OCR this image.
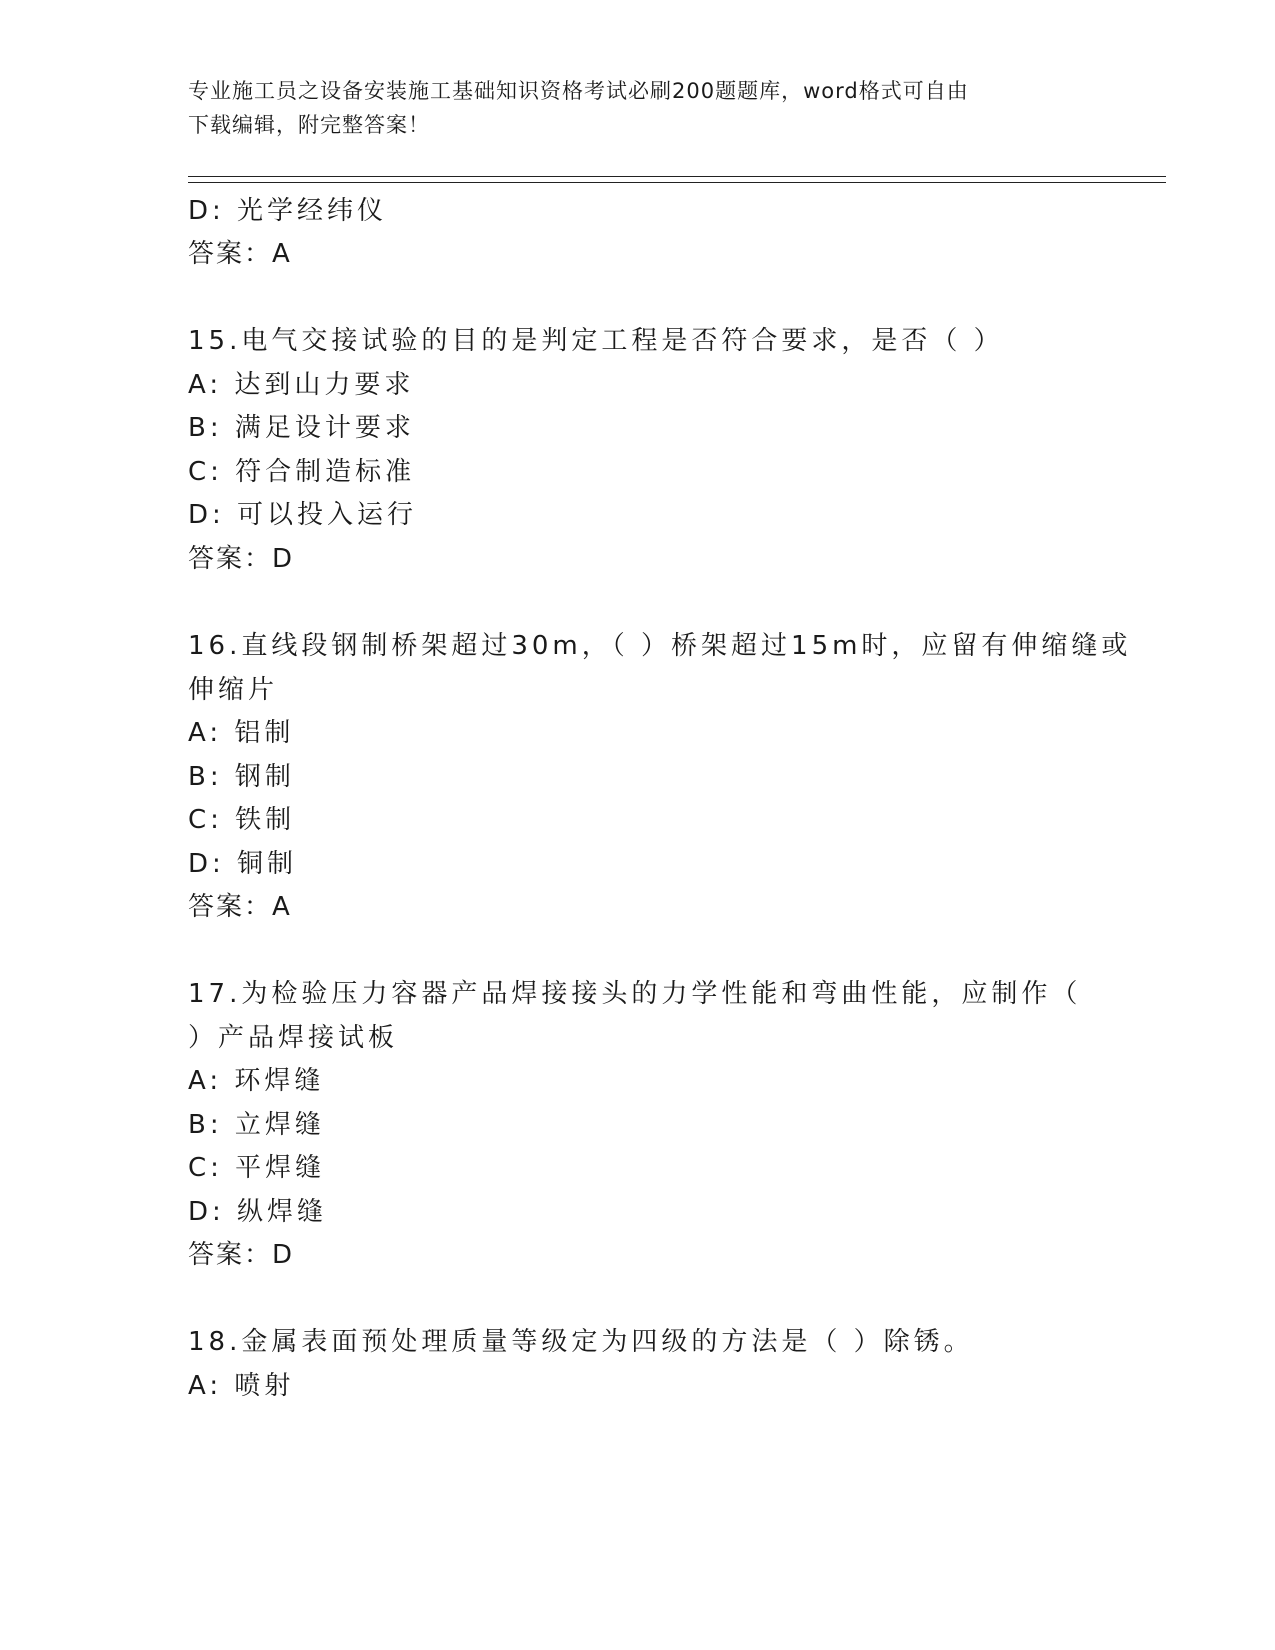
专业施工员之设备安装施工基础知识资格考试必刷200题题库，word格式可自由
下载编辑，附完整答案！
D: 光学经纬仪
答案：A
15.电气交接试验的目的是判定工程是否符合要求，是否（ ）
A: 达到山力要求
B: 满足设计要求
C: 符合制造标准
D: 可以投入运行
答案：D
16.直线段钢制桥架超过30m，（ ）桥架超过15m时，应留有伸缩缝或
伸缩片
A: 铝制
B: 钢制
C: 铁制
D: 铜制
答案：A
17.为检验压力容器产品焊接接头的力学性能和弯曲性能，应制作（
）产品焊接试板
A: 环焊缝
B: 立焊缝
C: 平焊缝
D: 纵焊缝
答案：D
18.金属表面预处理质量等级定为四级的方法是（ ）除锈。
A: 喷射
